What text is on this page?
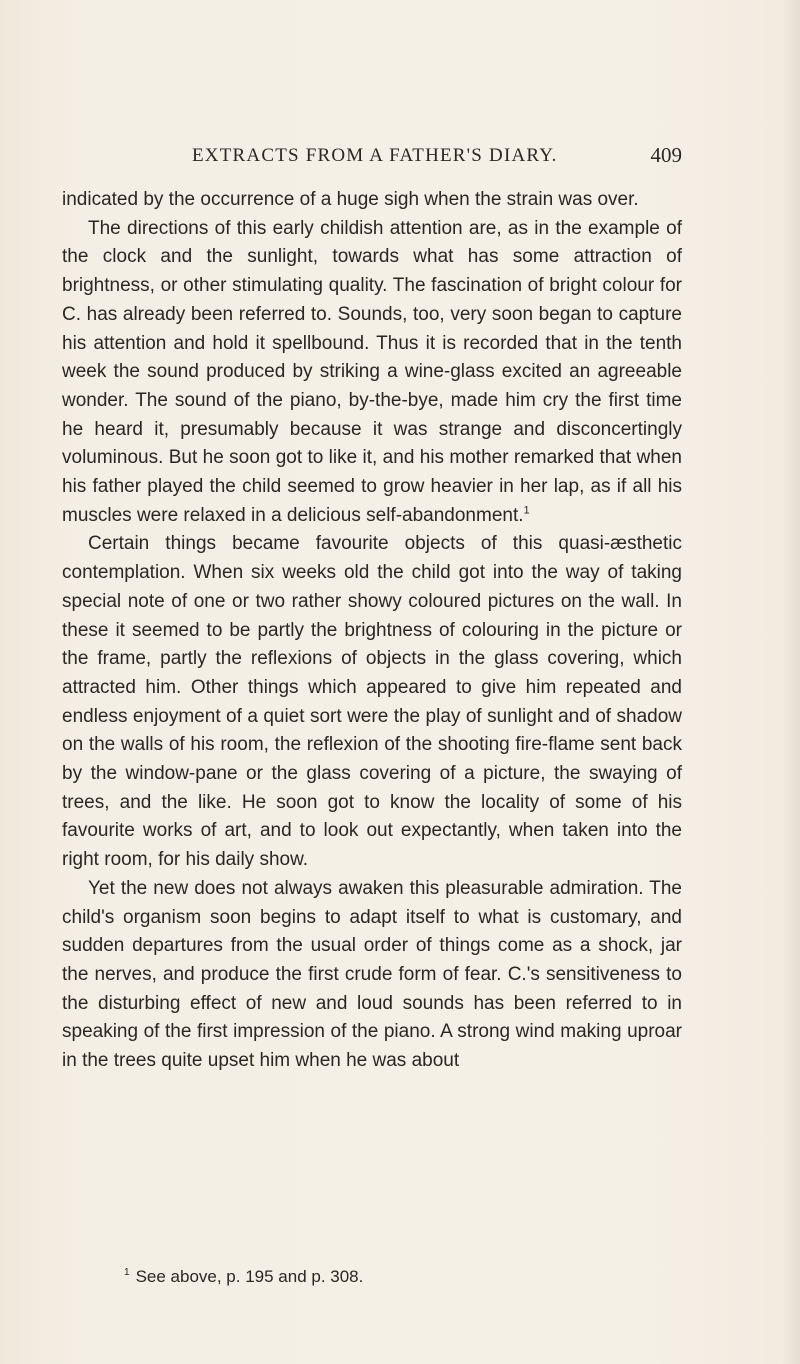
EXTRACTS FROM A FATHER'S DIARY.	409

indicated by the occurrence of a huge sigh when the strain was over.

The directions of this early childish attention are, as in the example of the clock and the sunlight, towards what has some attraction of brightness, or other stimulating quality. The fascination of bright colour for C. has already been referred to. Sounds, too, very soon began to capture his attention and hold it spellbound. Thus it is recorded that in the tenth week the sound produced by striking a wine-glass excited an agreeable wonder. The sound of the piano, by-the-bye, made him cry the first time he heard it, presumably because it was strange and disconcertingly voluminous. But he soon got to like it, and his mother remarked that when his father played the child seemed to grow heavier in her lap, as if all his muscles were relaxed in a delicious self-abandonment.$^1$

Certain things became favourite objects of this quasi-æsthetic contemplation. When six weeks old the child got into the way of taking special note of one or two rather showy coloured pictures on the wall. In these it seemed to be partly the brightness of colouring in the picture or the frame, partly the reflexions of objects in the glass covering, which attracted him. Other things which appeared to give him repeated and endless enjoyment of a quiet sort were the play of sunlight and of shadow on the walls of his room, the reflexion of the shooting fire-flame sent back by the window-pane or the glass covering of a picture, the swaying of trees, and the like. He soon got to know the locality of some of his favourite works of art, and to look out expectantly, when taken into the right room, for his daily show.

Yet the new does not always awaken this pleasurable admiration. The child's organism soon begins to adapt itself to what is customary, and sudden departures from the usual order of things come as a shock, jar the nerves, and produce the first crude form of fear. C.'s sensitiveness to the disturbing effect of new and loud sounds has been referred to in speaking of the first impression of the piano. A strong wind making uproar in the trees quite upset him when he was about

$^1$ See above, p. 195 and p. 308.
